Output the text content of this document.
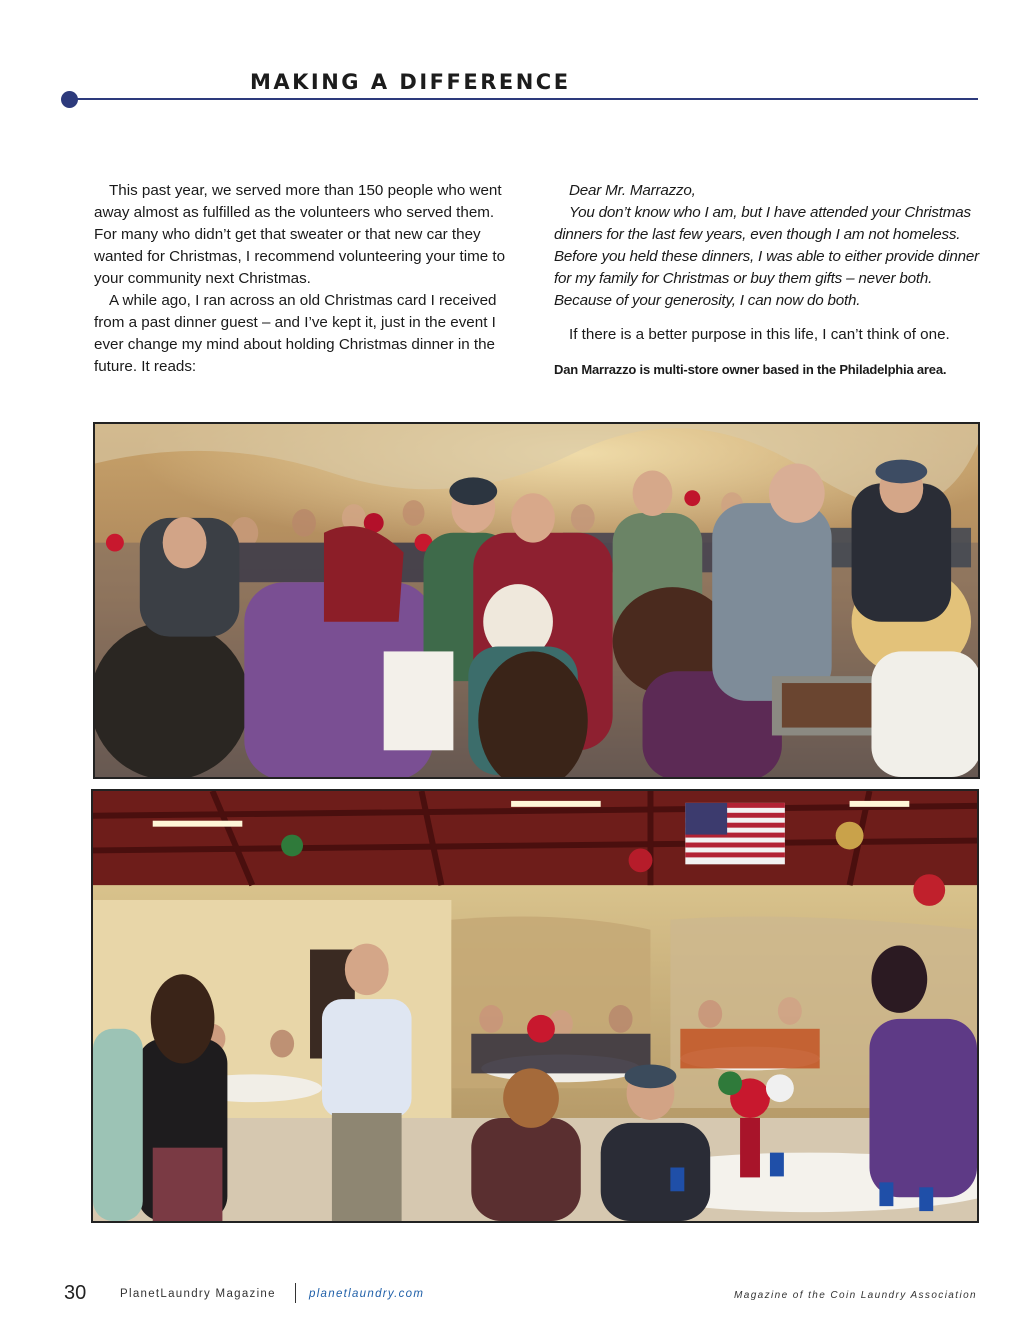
MAKING A DIFFERENCE

This past year, we served more than 150 people who went away almost as fulfilled as the volunteers who served them. For many who didn’t get that sweater or that new car they wanted for Christmas, I recommend volunteering your time to your community next Christmas.

A while ago, I ran across an old Christmas card I received from a past dinner guest – and I’ve kept it, just in the event I ever change my mind about holding Christmas dinner in the future. It reads:

Dear Mr. Marrazzo,

You don’t know who I am, but I have attended your Christmas dinners for the last few years, even though I am not homeless. Before you held these dinners, I was able to either provide dinner for my family for Christmas or buy them gifts – never both. Because of your generosity, I can now do both.

If there is a better purpose in this life, I can’t think of one.

Dan Marrazzo is multi-store owner based in the Philadelphia area.

30	PlanetLaundry Magazine	planetlaundry.com	Magazine of the Coin Laundry Association
